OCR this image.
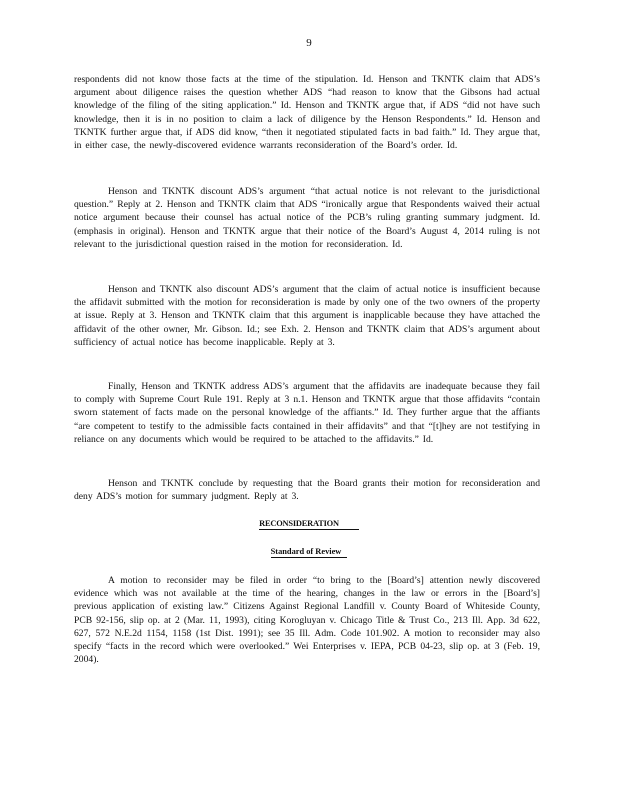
9

respondents did not know those facts at the time of the stipulation. Id. Henson and TKNTK claim that ADS’s argument about diligence raises the question whether ADS “had reason to know that the Gibsons had actual knowledge of the filing of the siting application.” Id. Henson and TKNTK argue that, if ADS “did not have such knowledge, then it is in no position to claim a lack of diligence by the Henson Respondents.” Id. Henson and TKNTK further argue that, if ADS did know, “then it negotiated stipulated facts in bad faith.” Id. They argue that, in either case, the newly-discovered evidence warrants reconsideration of the Board’s order. Id.

Henson and TKNTK discount ADS’s argument “that actual notice is not relevant to the jurisdictional question.” Reply at 2. Henson and TKNTK claim that ADS “ironically argue that Respondents waived their actual notice argument because their counsel has actual notice of the PCB’s ruling granting summary judgment. Id. (emphasis in original). Henson and TKNTK argue that their notice of the Board’s August 4, 2014 ruling is not relevant to the jurisdictional question raised in the motion for reconsideration. Id.

Henson and TKNTK also discount ADS’s argument that the claim of actual notice is insufficient because the affidavit submitted with the motion for reconsideration is made by only one of the two owners of the property at issue. Reply at 3. Henson and TKNTK claim that this argument is inapplicable because they have attached the affidavit of the other owner, Mr. Gibson. Id.; see Exh. 2. Henson and TKNTK claim that ADS’s argument about sufficiency of actual notice has become inapplicable. Reply at 3.

Finally, Henson and TKNTK address ADS’s argument that the affidavits are inadequate because they fail to comply with Supreme Court Rule 191. Reply at 3 n.1. Henson and TKNTK argue that those affidavits “contain sworn statement of facts made on the personal knowledge of the affiants.” Id. They further argue that the affiants “are competent to testify to the admissible facts contained in their affidavits” and that “[t]hey are not testifying in reliance on any documents which would be required to be attached to the affidavits.” Id.

Henson and TKNTK conclude by requesting that the Board grants their motion for reconsideration and deny ADS’s motion for summary judgment. Reply at 3.

RECONSIDERATION
Standard of Review

A motion to reconsider may be filed in order “to bring to the [Board’s] attention newly discovered evidence which was not available at the time of the hearing, changes in the law or errors in the [Board’s] previous application of existing law.” Citizens Against Regional Landfill v. County Board of Whiteside County, PCB 92-156, slip op. at 2 (Mar. 11, 1993), citing Korogluyan v. Chicago Title & Trust Co., 213 Ill. App. 3d 622, 627, 572 N.E.2d 1154, 1158 (1st Dist. 1991); see 35 Ill. Adm. Code 101.902. A motion to reconsider may also specify “facts in the record which were overlooked.” Wei Enterprises v. IEPA, PCB 04-23, slip op. at 3 (Feb. 19, 2004).
